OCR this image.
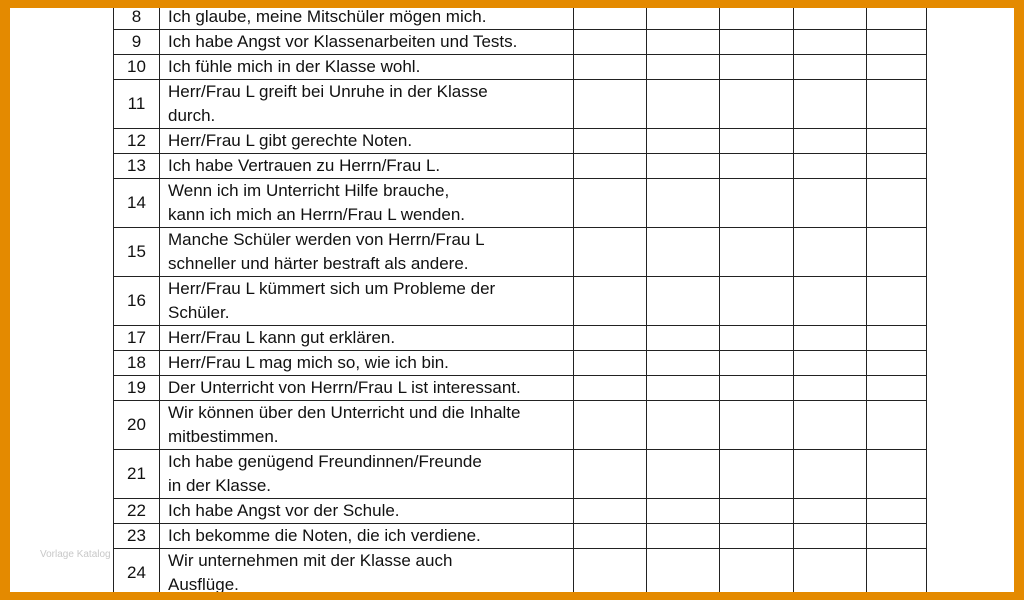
8	Ich glaube, meine Mitschüler mögen mich.					
9	Ich habe Angst vor Klassenarbeiten und Tests.					
10	Ich fühle mich in der Klasse wohl.					
11	Herr/Frau L greift bei Unruhe in der Klasse
durch.					
12	Herr/Frau L gibt gerechte Noten.					
13	Ich habe Vertrauen zu Herrn/Frau L.					
14	Wenn ich im Unterricht Hilfe brauche,
kann ich mich an Herrn/Frau L wenden.					
15	Manche Schüler werden von Herrn/Frau L
schneller und härter bestraft als andere.					
16	Herr/Frau L kümmert sich um Probleme der
Schüler.					
17	Herr/Frau L kann gut erklären.					
18	Herr/Frau L mag mich so, wie ich bin.					
19	Der Unterricht von Herrn/Frau L ist interessant.					
20	Wir können über den Unterricht und die Inhalte
mitbestimmen.					
21	Ich habe genügend Freundinnen/Freunde
in der Klasse.					
22	Ich habe Angst vor der Schule.					
23	Ich bekomme die Noten, die ich verdiene.					
24	Wir unternehmen mit der Klasse auch
Ausflüge.					
Vorlage Katalog
